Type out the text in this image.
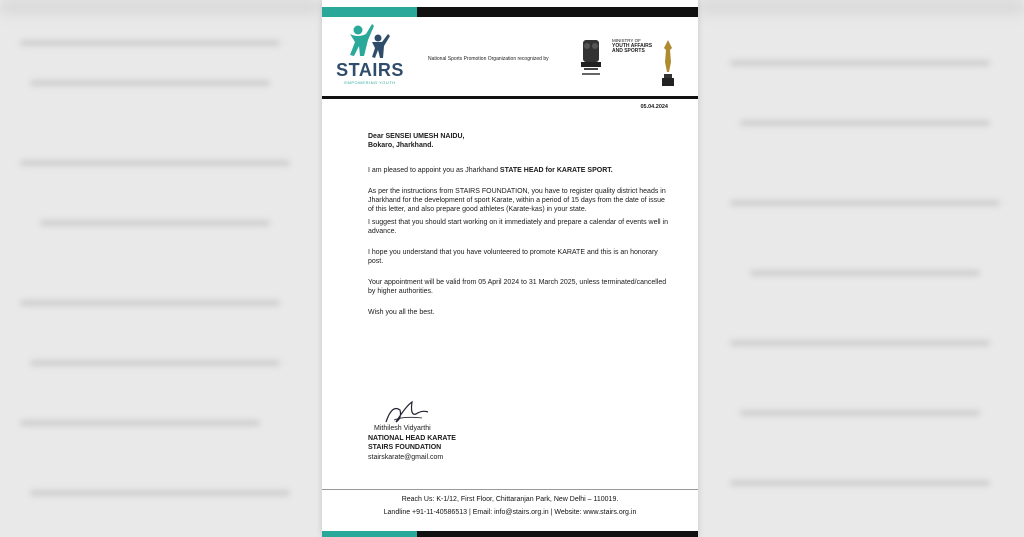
STAIRS
EMPOWERING YOUTH
National Sports Promotion Organization recognized by
MINISTRY OF
YOUTH AFFAIRS
AND SPORTS
05.04.2024

Dear SENSEI UMESH NAIDU,

Bokaro, Jharkhand.

I am pleased to appoint you as Jharkhand STATE HEAD for KARATE SPORT.

As per the instructions from STAIRS FOUNDATION, you have to register quality district heads in Jharkhand for the development of sport Karate, within a period of 15 days from the date of issue of this letter, and also prepare good athletes (Karate-kas) in your state.

I suggest that you should start working on it immediately and prepare a calendar of events well in advance.

I hope you understand that you have volunteered to promote KARATE and this is an honorary post.

Your appointment will be valid from 05 April 2024 to 31 March 2025, unless terminated/cancelled by higher authorities.

Wish you all the best.

Mithilesh Vidyarthi
NATIONAL HEAD KARATE
STAIRS FOUNDATION
stairskarate@gmail.com
Reach Us: K-1/12, First Floor, Chittaranjan Park, New Delhi – 110019.
Landline +91-11-40586513 | Email: info@stairs.org.in | Website: www.stairs.org.in
